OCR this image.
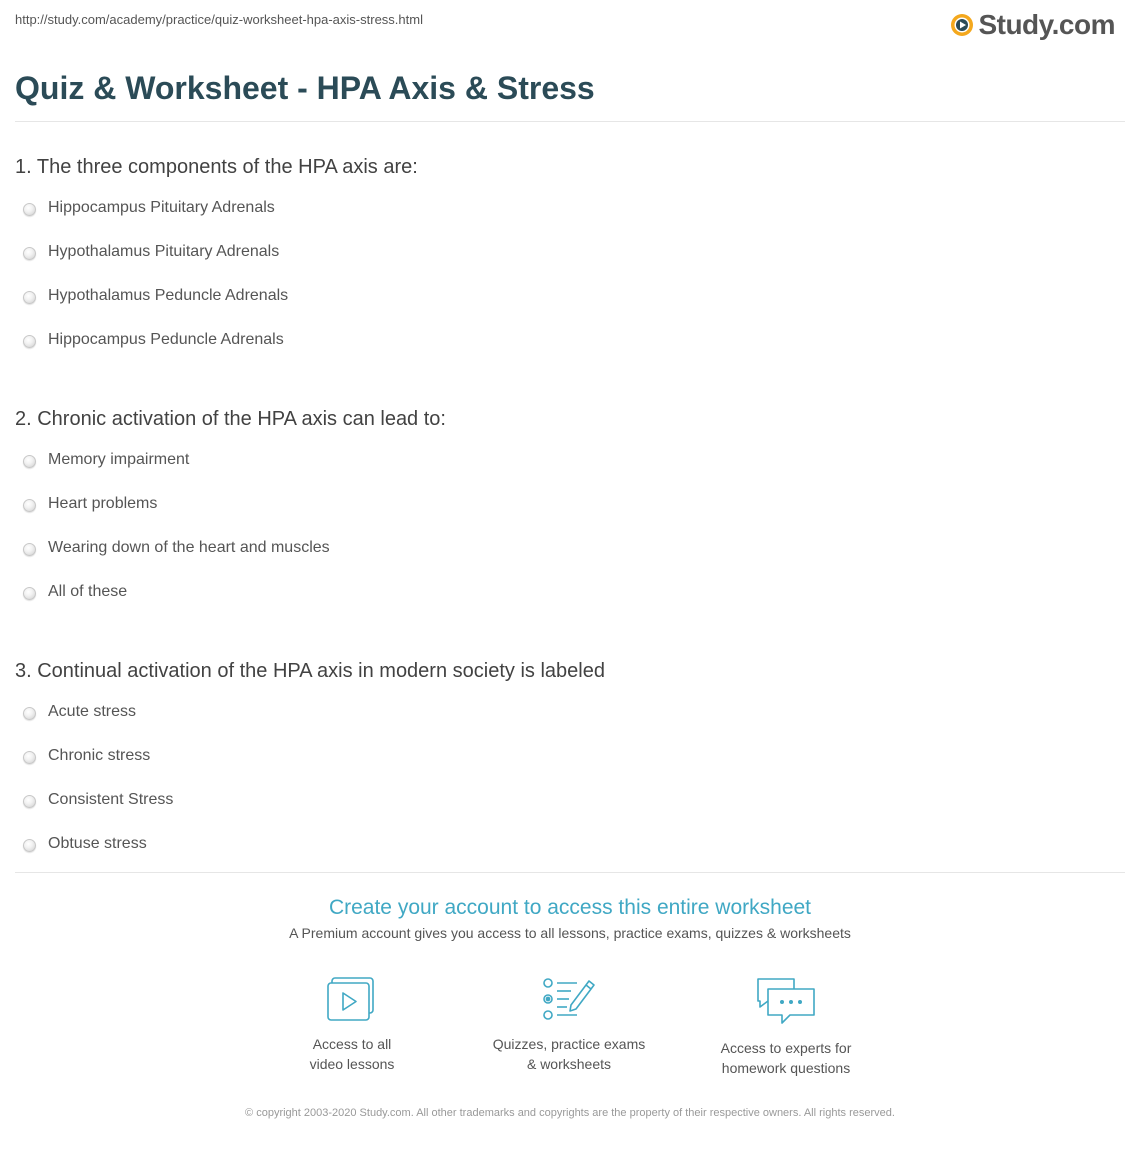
http://study.com/academy/practice/quiz-worksheet-hpa-axis-stress.html	Study.com
Quiz & Worksheet - HPA Axis & Stress
1. The three components of the HPA axis are:
Hippocampus Pituitary Adrenals
Hypothalamus Pituitary Adrenals
Hypothalamus Peduncle Adrenals
Hippocampus Peduncle Adrenals
2. Chronic activation of the HPA axis can lead to:
Memory impairment
Heart problems
Wearing down of the heart and muscles
All of these
3. Continual activation of the HPA axis in modern society is labeled
Acute stress
Chronic stress
Consistent Stress
Obtuse stress
Create your account to access this entire worksheet
A Premium account gives you access to all lessons, practice exams, quizzes & worksheets
Access to all
video lessons
Quizzes, practice exams
& worksheets
Access to experts for
homework questions
© copyright 2003-2020 Study.com. All other trademarks and copyrights are the property of their respective owners. All rights reserved.
